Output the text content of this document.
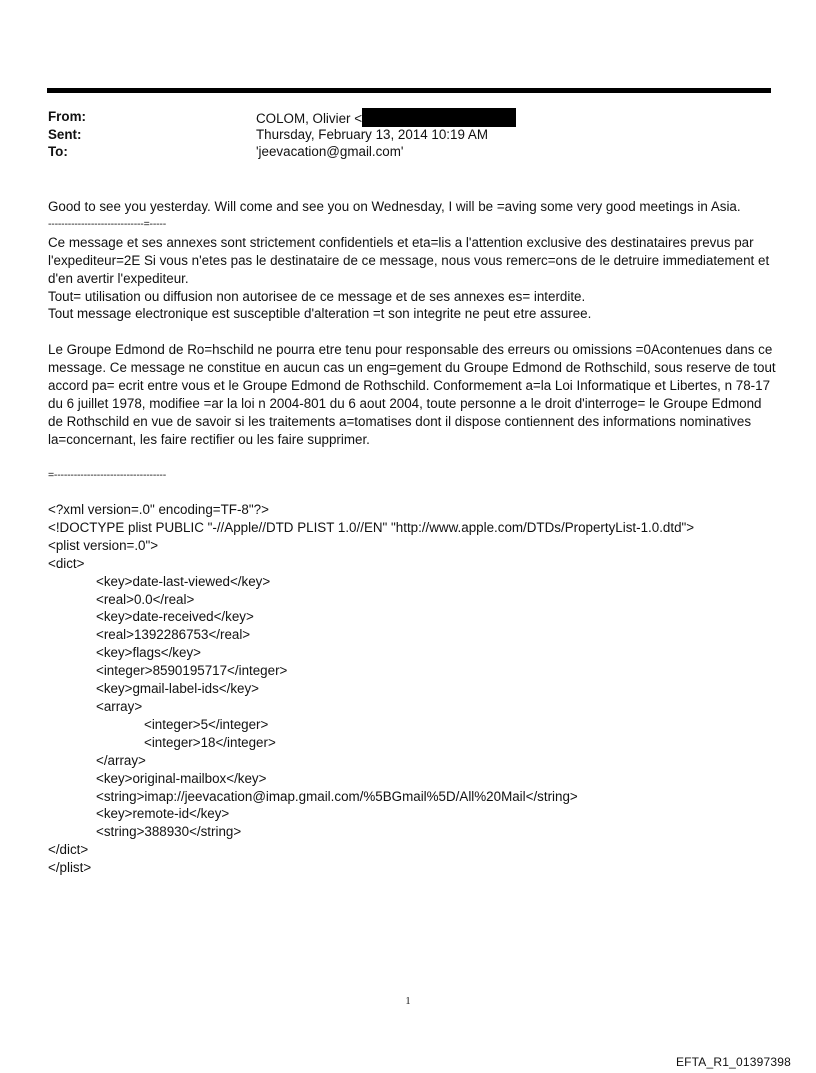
From:	COLOM, Olivier <
Sent:	Thursday, February 13, 2014 10:19 AM
To:	'jeevacation@gmail.com'

Good to see you yesterday. Will come and see you on Wednesday, I will be =aving some very good meetings in Asia.

-----------------------------=-----

Ce message et ses annexes sont strictement confidentiels et eta=lis a l'attention exclusive des destinataires prevus par l'expediteur=2E Si vous n'etes pas le destinataire de ce message, nous vous remerc=ons de le detruire immediatement et d'en avertir l'expediteur.

Tout= utilisation ou diffusion non autorisee de ce message et de ses annexes es= interdite.

Tout message electronique est susceptible d'alteration =t son integrite ne peut etre assuree.

Le Groupe Edmond de Ro=hschild ne pourra etre tenu pour responsable des erreurs ou omissions =0Acontenues dans ce message. Ce message ne constitue en aucun cas un eng=gement du Groupe Edmond de Rothschild, sous reserve de tout accord pa= ecrit entre vous et le Groupe Edmond de Rothschild. Conformement a=la Loi Informatique et Libertes, n 78-17 du 6 juillet 1978, modifiee =ar la loi n 2004-801 du 6 aout 2004, toute personne a le droit d'interroge= le Groupe Edmond de Rothschild en vue de savoir si les traitements a=tomatises dont il dispose contiennent des informations nominatives la=concernant, les faire rectifier ou les faire supprimer.

=----------------------------------

<?xml version=.0" encoding=TF-8"?>
<!DOCTYPE plist PUBLIC "-//Apple//DTD PLIST 1.0//EN" "http://www.apple.com/DTDs/PropertyList-1.0.dtd">
<plist version=.0">
<dict>
<key>date-last-viewed</key>
<real>0.0</real>
<key>date-received</key>
<real>1392286753</real>
<key>flags</key>
<integer>8590195717</integer>
<key>gmail-label-ids</key>
<array>
<integer>5</integer>
<integer>18</integer>
</array>
<key>original-mailbox</key>
<string>imap://jeevacation@imap.gmail.com/%5BGmail%5D/All%20Mail</string>
<key>remote-id</key>
<string>388930</string>
</dict>
</plist>
1
EFTA_R1_01397398
